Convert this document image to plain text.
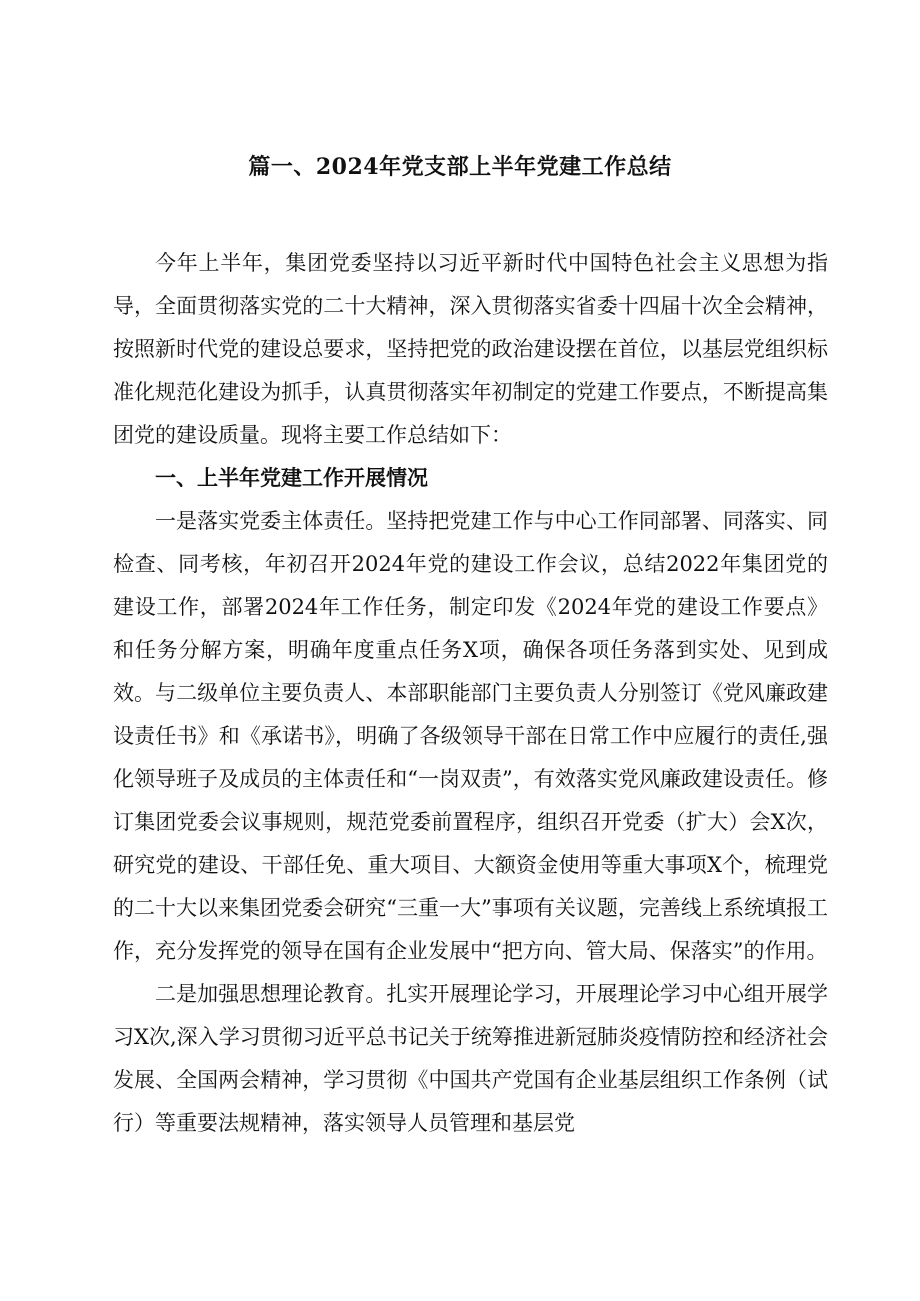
篇一、2024年党支部上半年党建工作总结

今年上半年，集团党委坚持以习近平新时代中国特色社会主义思想为指导，全面贯彻落实党的二十大精神，深入贯彻落实省委十四届十次全会精神，按照新时代党的建设总要求，坚持把党的政治建设摆在首位，以基层党组织标准化规范化建设为抓手，认真贯彻落实年初制定的党建工作要点，不断提高集团党的建设质量。现将主要工作总结如下：

一、上半年党建工作开展情况

一是落实党委主体责任。坚持把党建工作与中心工作同部署、同落实、同检查、同考核，年初召开2024年党的建设工作会议，总结2022年集团党的建设工作，部署2024年工作任务，制定印发《2024年党的建设工作要点》和任务分解方案，明确年度重点任务X项，确保各项任务落到实处、见到成效。与二级单位主要负责人、本部职能部门主要负责人分别签订《党风廉政建设责任书》和《承诺书》，明确了各级领导干部在日常工作中应履行的责任,强化领导班子及成员的主体责任和“一岗双责”，有效落实党风廉政建设责任。修订集团党委会议事规则，规范党委前置程序，组织召开党委（扩大）会X次，研究党的建设、干部任免、重大项目、大额资金使用等重大事项X个，梳理党的二十大以来集团党委会研究“三重一大”事项有关议题，完善线上系统填报工作，充分发挥党的领导在国有企业发展中“把方向、管大局、保落实”的作用。

二是加强思想理论教育。扎实开展理论学习，开展理论学习中心组开展学习X次,深入学习贯彻习近平总书记关于统筹推进新冠肺炎疫情防控和经济社会发展、全国两会精神，学习贯彻《中国共产党国有企业基层组织工作条例（试行）等重要法规精神，落实领导人员管理和基层党
